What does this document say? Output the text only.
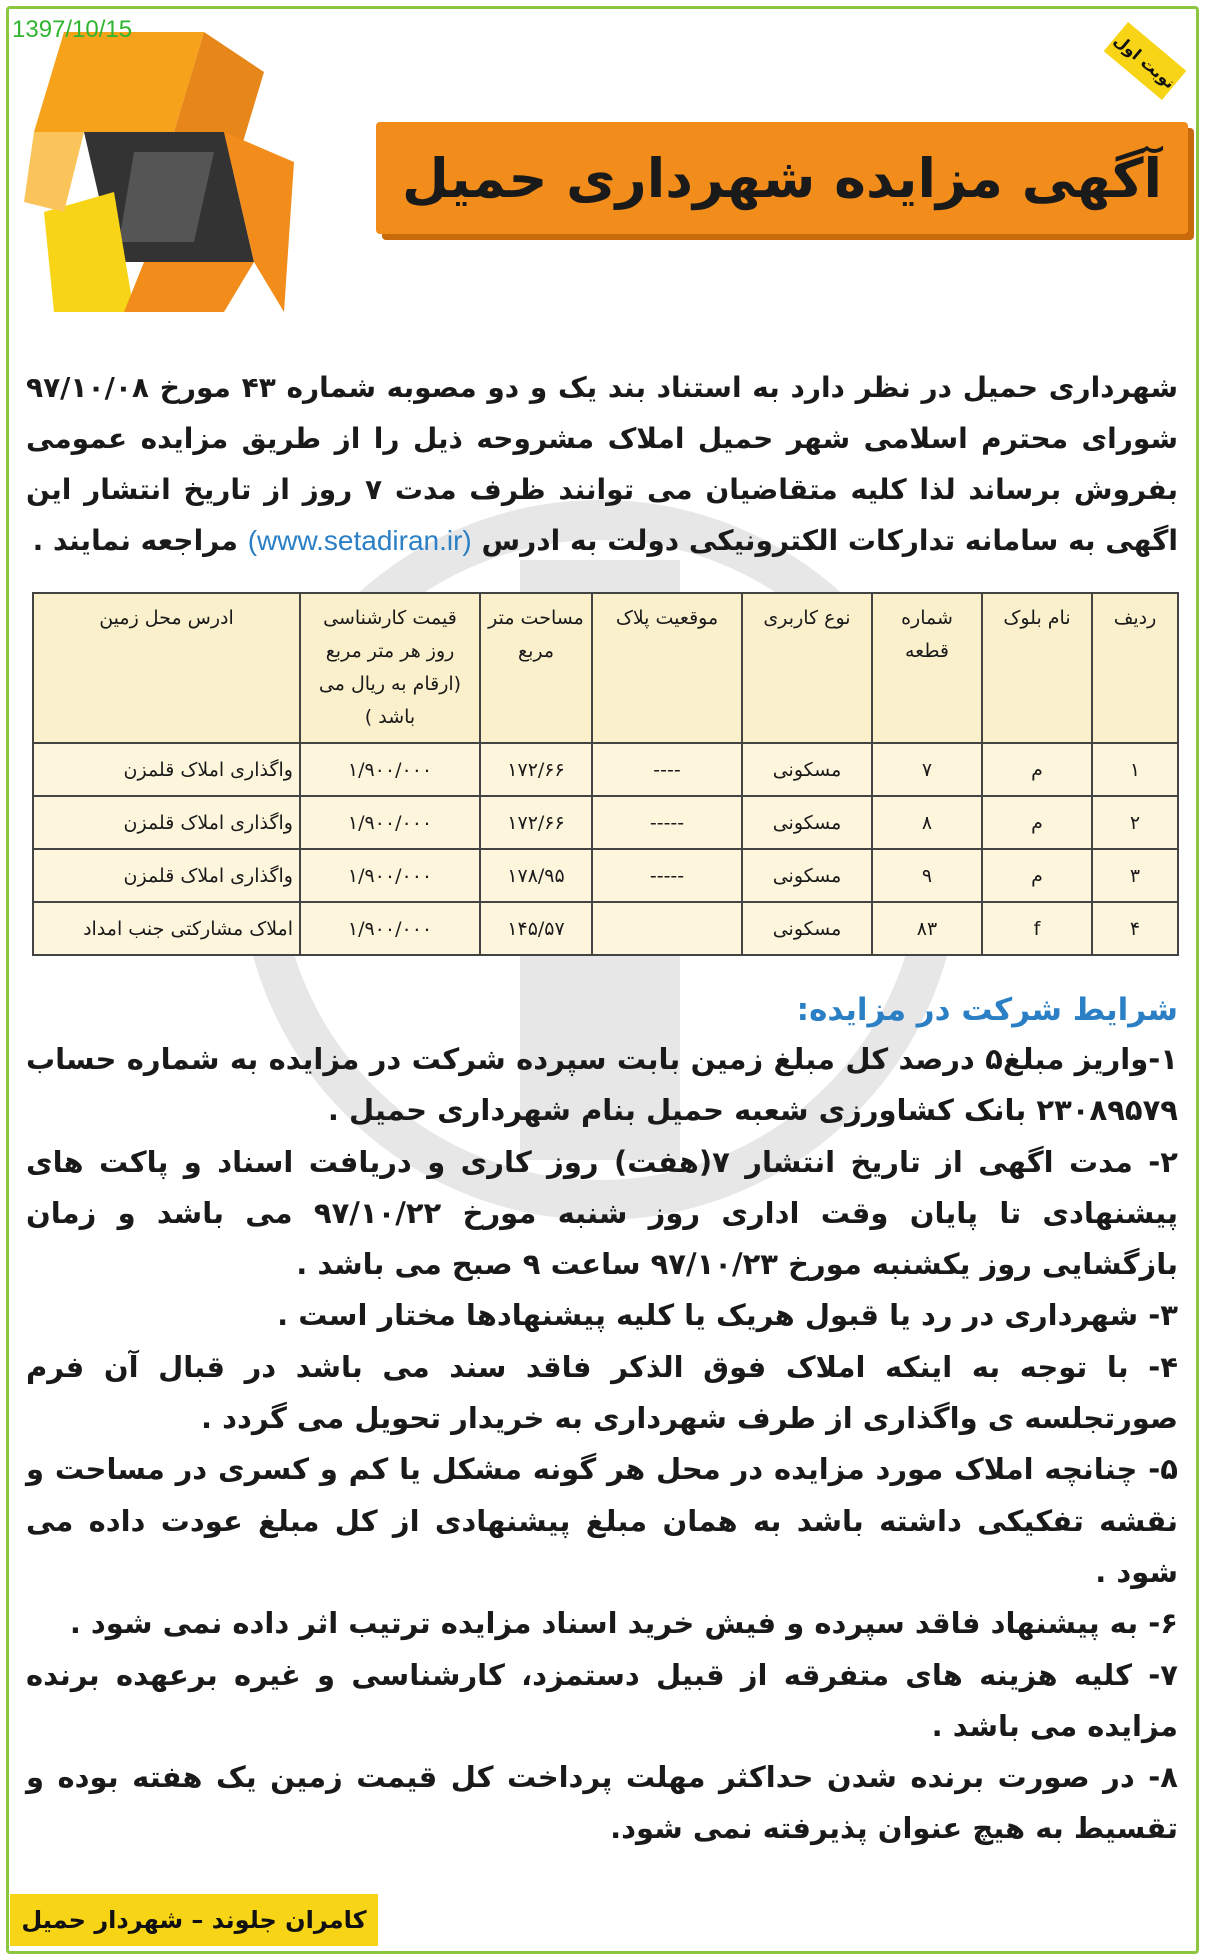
1397/10/15
نوبت اول
آگهی مزایده شهرداری حمیل
شهرداری حمیل در نظر دارد به استناد بند یک و دو مصوبه شماره ۴۳ مورخ ۹۷/۱۰/۰۸ شورای محترم اسلامی شهر حمیل املاک مشروحه ذیل را از طریق مزایده عمومی بفروش برساند لذا کلیه متقاضیان می توانند ظرف مدت ۷ روز از تاریخ انتشار این اگهی به سامانه تدارکات الکترونیکی دولت به ادرس (www.setadiran.ir) مراجعه نمایند .
ردیف	نام بلوک	شماره قطعه	نوع کاربری	موقعیت پلاک	مساحت متر مربع	قیمت کارشناسی روز هر متر مربع (ارقام به ریال می باشد )	ادرس محل زمین
۱	م	۷	مسکونی	----	۱۷۲/۶۶	۱/۹۰۰/۰۰۰	واگذاری املاک قلمزن
۲	م	۸	مسکونی	-----	۱۷۲/۶۶	۱/۹۰۰/۰۰۰	واگذاری املاک قلمزن
۳	م	۹	مسکونی	-----	۱۷۸/۹۵	۱/۹۰۰/۰۰۰	واگذاری املاک قلمزن
۴	f	۸۳	مسکونی		۱۴۵/۵۷	۱/۹۰۰/۰۰۰	املاک مشارکتی جنب امداد
شرایط شرکت در مزایده:

۱-واریز مبلغ۵ درصد کل مبلغ زمین بابت سپرده شرکت در مزایده به شماره حساب ۲۳۰۸۹۵۷۹ بانک کشاورزی شعبه حمیل بنام شهرداری حمیل .

۲- مدت اگهی از تاریخ انتشار ۷(هفت) روز کاری و دریافت اسناد و پاکت های پیشنهادی تا پایان وقت اداری روز شنبه مورخ ۹۷/۱۰/۲۲ می باشد و زمان بازگشایی روز یکشنبه مورخ ۹۷/۱۰/۲۳ ساعت ۹ صبح می باشد .

۳- شهرداری در رد یا قبول هریک یا کلیه پیشنهادها مختار است .

۴- با توجه به اینکه املاک فوق الذکر فاقد سند می باشد در قبال آن فرم صورتجلسه ی واگذاری از طرف شهرداری به خریدار تحویل می گردد .

۵- چنانچه املاک مورد مزایده در محل هر گونه مشکل یا کم و کسری در مساحت و نقشه تفکیکی داشته باشد به همان مبلغ پیشنهادی از کل مبلغ عودت داده می شود .

۶- به پیشنهاد فاقد سپرده و فیش خرید اسناد مزایده ترتیب اثر داده نمی شود .

۷- کلیه هزینه های متفرقه از قبیل دستمزد، کارشناسی و غیره برعهده برنده مزایده می باشد .

۸- در صورت برنده شدن حداکثر مهلت پرداخت کل قیمت زمین یک هفته بوده و تقسیط به هیچ عنوان پذیرفته نمی شود.

کامران جلوند – شهردار حمیل
